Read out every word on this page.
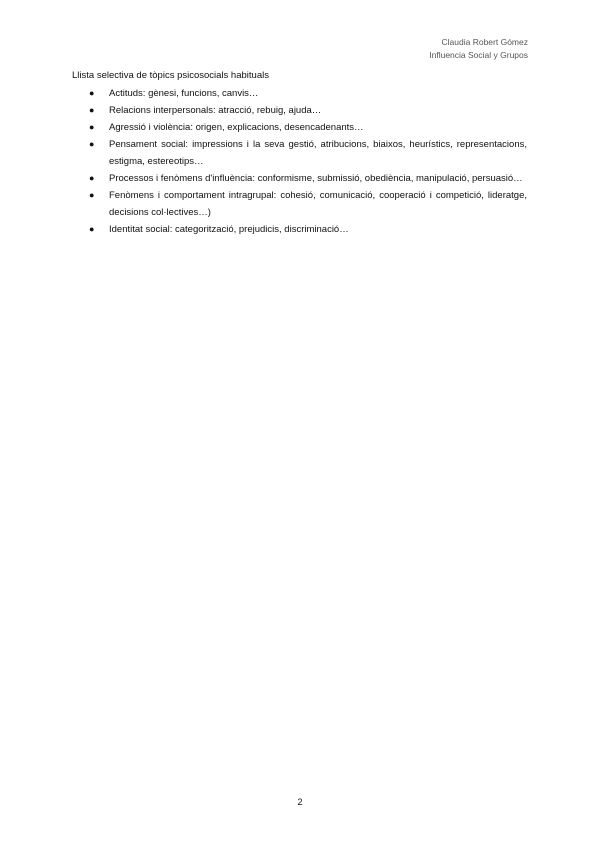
Claudia Robert Gómez
Influencia Social y Grupos
Llista selectiva de tòpics psicosocials habituals
● Actituds: gènesi, funcions, canvis…
● Relacions interpersonals: atracció, rebuig, ajuda…
● Agressió i violència: origen, explicacions, desencadenants…
● Pensament social: impressions i la seva gestió, atribucions, biaixos, heurístics, representacions, estigma, estereotips…
● Processos i fenòmens d'influència: conformisme, submissió, obediència, manipulació, persuasió…
● Fenòmens i comportament intragrupal: cohesió, comunicació, cooperació i competició, lideratge, decisions col·lectives…)
● Identitat social: categorització, prejudicis, discriminació…
2
